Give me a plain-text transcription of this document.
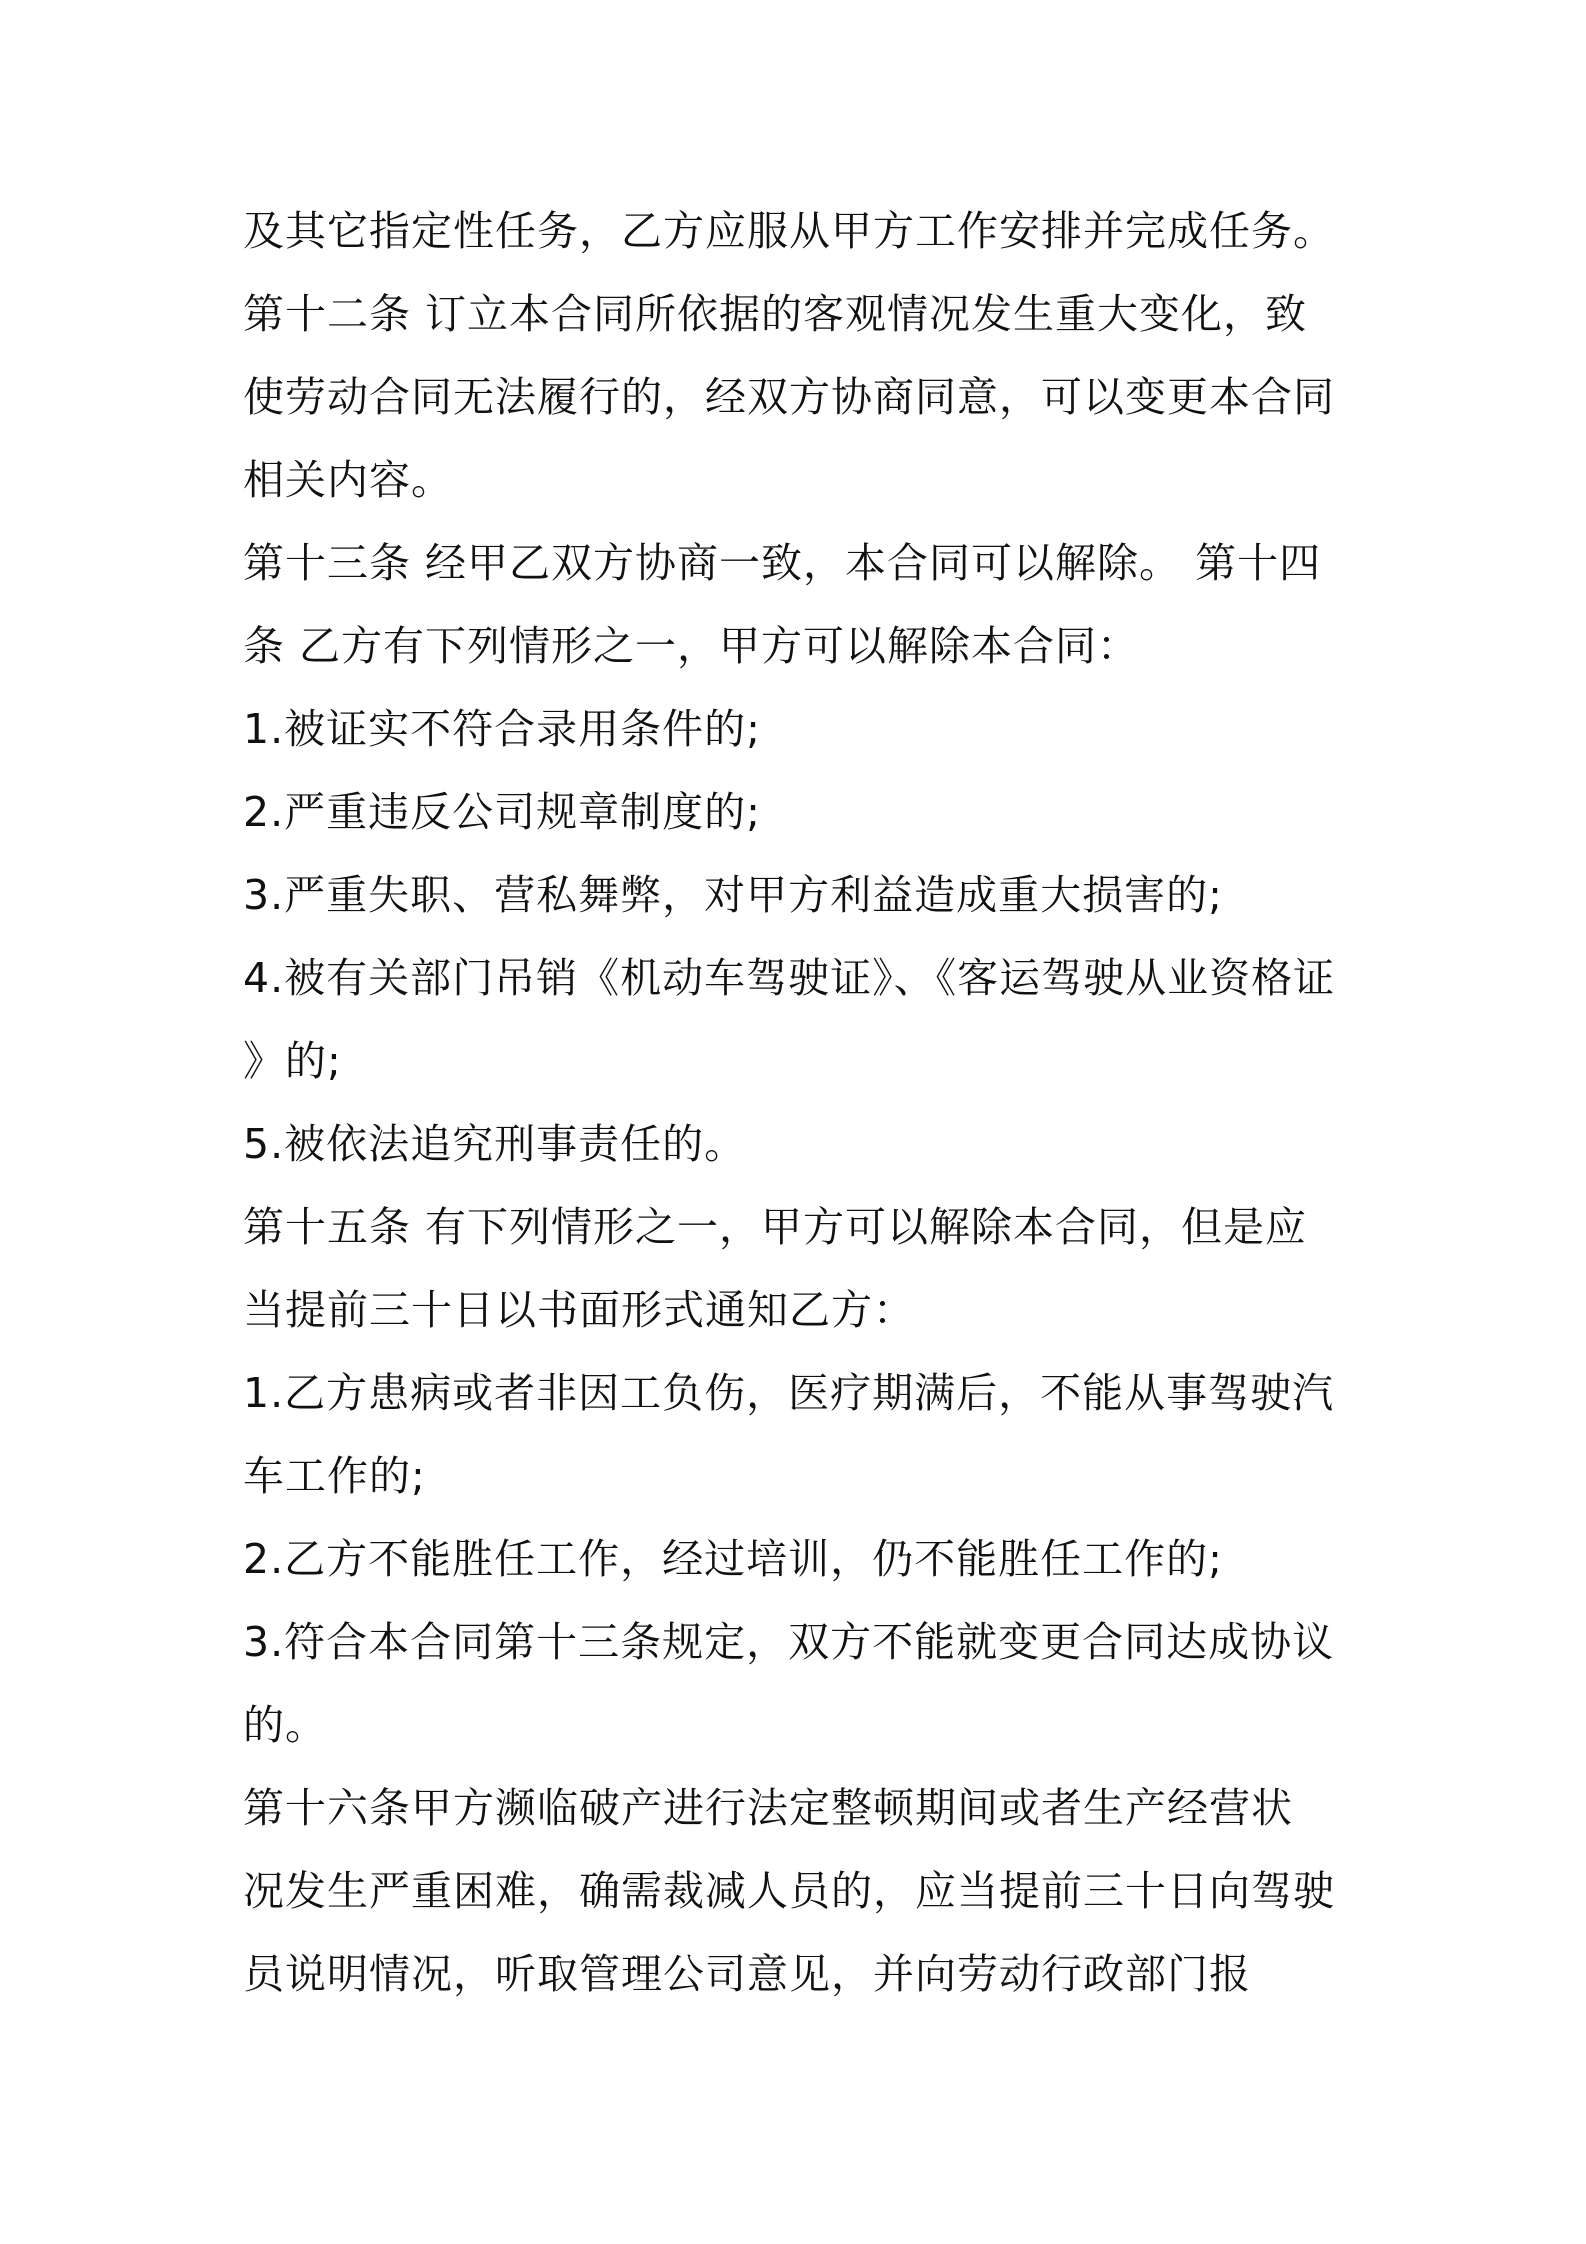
及其它指定性任务，乙方应服从甲方工作安排并完成任务。
第十二条 订立本合同所依据的客观情况发生重大变化，致
使劳动合同无法履行的，经双方协商同意，可以变更本合同
相关内容。
第十三条 经甲乙双方协商一致，本合同可以解除。 第十四
条 乙方有下列情形之一，甲方可以解除本合同：
1.被证实不符合录用条件的;
2.严重违反公司规章制度的;
3.严重失职、营私舞弊，对甲方利益造成重大损害的;
4.被有关部门吊销《机动车驾驶证》、《客运驾驶从业资格证
》的;
5.被依法追究刑事责任的。
第十五条 有下列情形之一，甲方可以解除本合同，但是应
当提前三十日以书面形式通知乙方：
1.乙方患病或者非因工负伤，医疗期满后，不能从事驾驶汽
车工作的;
2.乙方不能胜任工作，经过培训，仍不能胜任工作的;
3.符合本合同第十三条规定，双方不能就变更合同达成协议
的。
第十六条甲方濒临破产进行法定整顿期间或者生产经营状
况发生严重困难，确需裁减人员的，应当提前三十日向驾驶
员说明情况，听取管理公司意见，并向劳动行政部门报
